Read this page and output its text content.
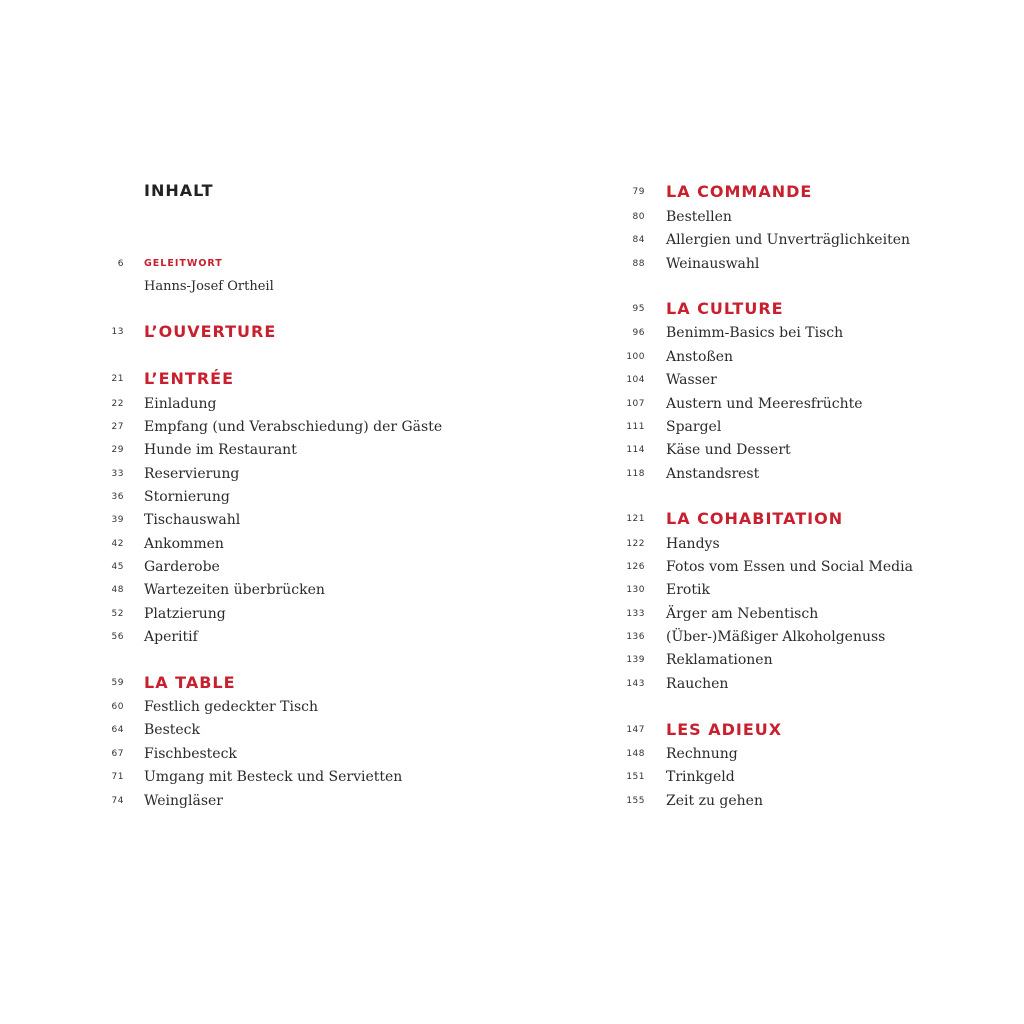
INHALT
6 GELEITWORT
Hanns-Josef Ortheil
13 L’OUVERTURE
21 L’ENTRÉE
22 Einladung
27 Empfang (und Verabschiedung) der Gäste
29 Hunde im Restaurant
33 Reservierung
36 Stornierung
39 Tischauswahl
42 Ankommen
45 Garderobe
48 Wartezeiten überbrücken
52 Platzierung
56 Aperitif
59 LA TABLE
60 Festlich gedeckter Tisch
64 Besteck
67 Fischbesteck
71 Umgang mit Besteck und Servietten
74 Weingläser
79 LA COMMANDE
80 Bestellen
84 Allergien und Unverträglichkeiten
88 Weinauswahl
95 LA CULTURE
96 Benimm-Basics bei Tisch
100 Anstoßen
104 Wasser
107 Austern und Meeresfrüchte
111 Spargel
114 Käse und Dessert
118 Anstandsrest
121 LA COHABITATION
122 Handys
126 Fotos vom Essen und Social Media
130 Erotik
133 Ärger am Nebentisch
136 (Über-)Mäßiger Alkoholgenuss
139 Reklamationen
143 Rauchen
147 LES ADIEUX
148 Rechnung
151 Trinkgeld
155 Zeit zu gehen
